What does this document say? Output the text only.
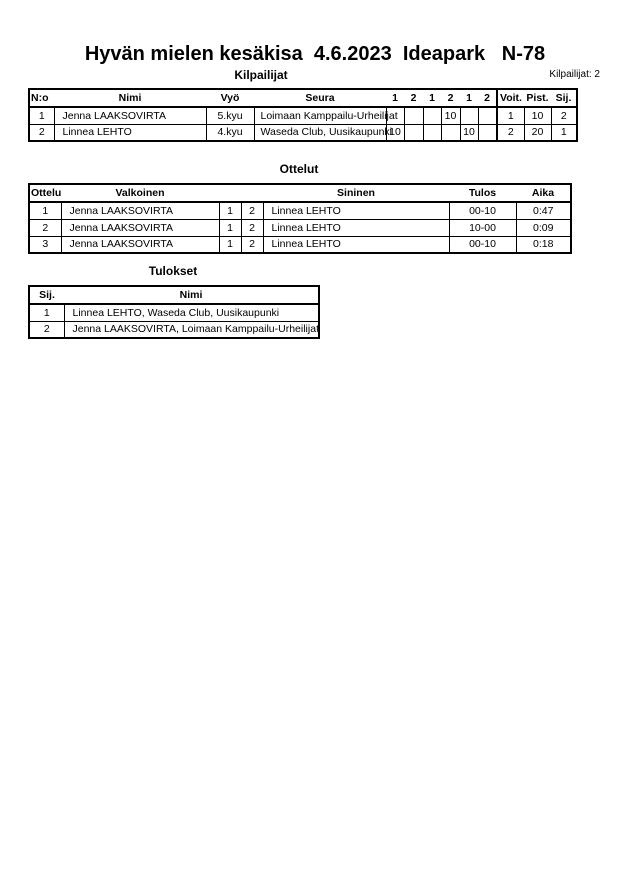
Hyvän mielen kesäkisa  4.6.2023  Ideapark   N-78
Kilpailijat	Kilpailijat: 2
N:o	Nimi	Vyö	Seura	1	2	1	2	1	2	Voit.	Pist.	Sij.
1	Jenna LAAKSOVIRTA	5.kyu	Loimaan Kamppailu-Urheilijat				10			1	10	2
2	Linnea LEHTO	4.kyu	Waseda Club, Uusikaupunki	10				10		2	20	1
Ottelut
Ottelu	Valkoinen			Sininen	Tulos	Aika
1	Jenna LAAKSOVIRTA	1	2	Linnea LEHTO	00-10	0:47
2	Jenna LAAKSOVIRTA	1	2	Linnea LEHTO	10-00	0:09
3	Jenna LAAKSOVIRTA	1	2	Linnea LEHTO	00-10	0:18
Tulokset
Sij.	Nimi
1	Linnea LEHTO, Waseda Club, Uusikaupunki
2	Jenna LAAKSOVIRTA, Loimaan Kamppailu-Urheilijat
